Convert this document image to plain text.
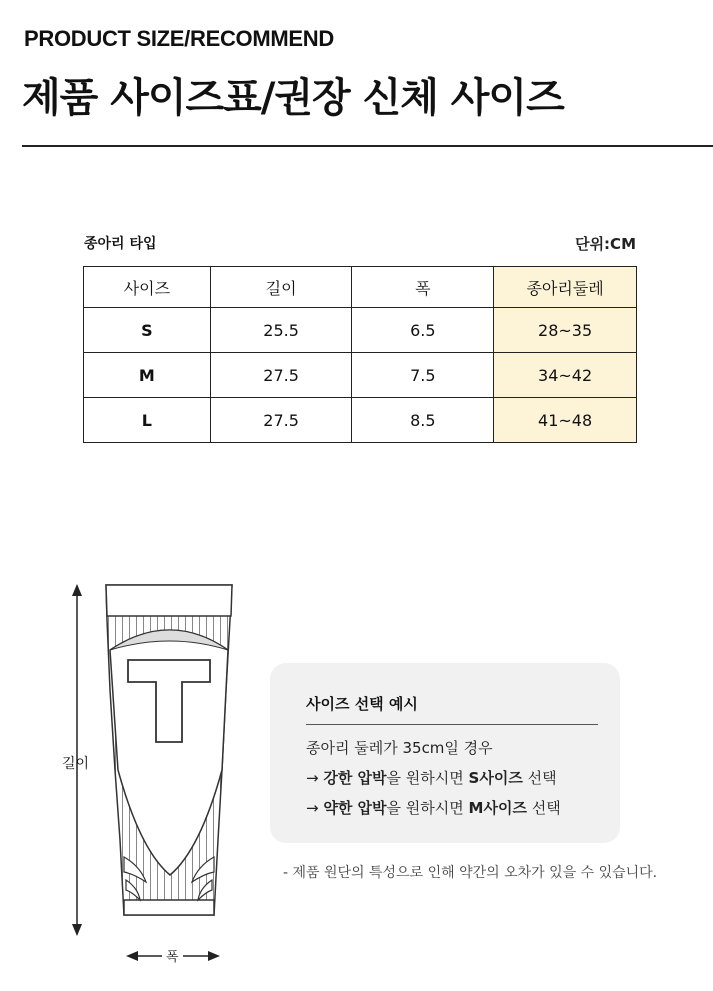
PRODUCT SIZE/RECOMMEND
제품 사이즈표/권장 신체 사이즈
종아리 타입	단위:CM
사이즈	길이	폭	종아리둘레
S	25.5	6.5	28~35
M	27.5	7.5	34~42
L	27.5	8.5	41~48
길이
폭
사이즈 선택 예시
종아리 둘레가 35cm일 경우
→ 강한 압박을 원하시면 S사이즈 선택
→ 약한 압박을 원하시면 M사이즈 선택
- 제품 원단의 특성으로 인해 약간의 오차가 있을 수 있습니다.
